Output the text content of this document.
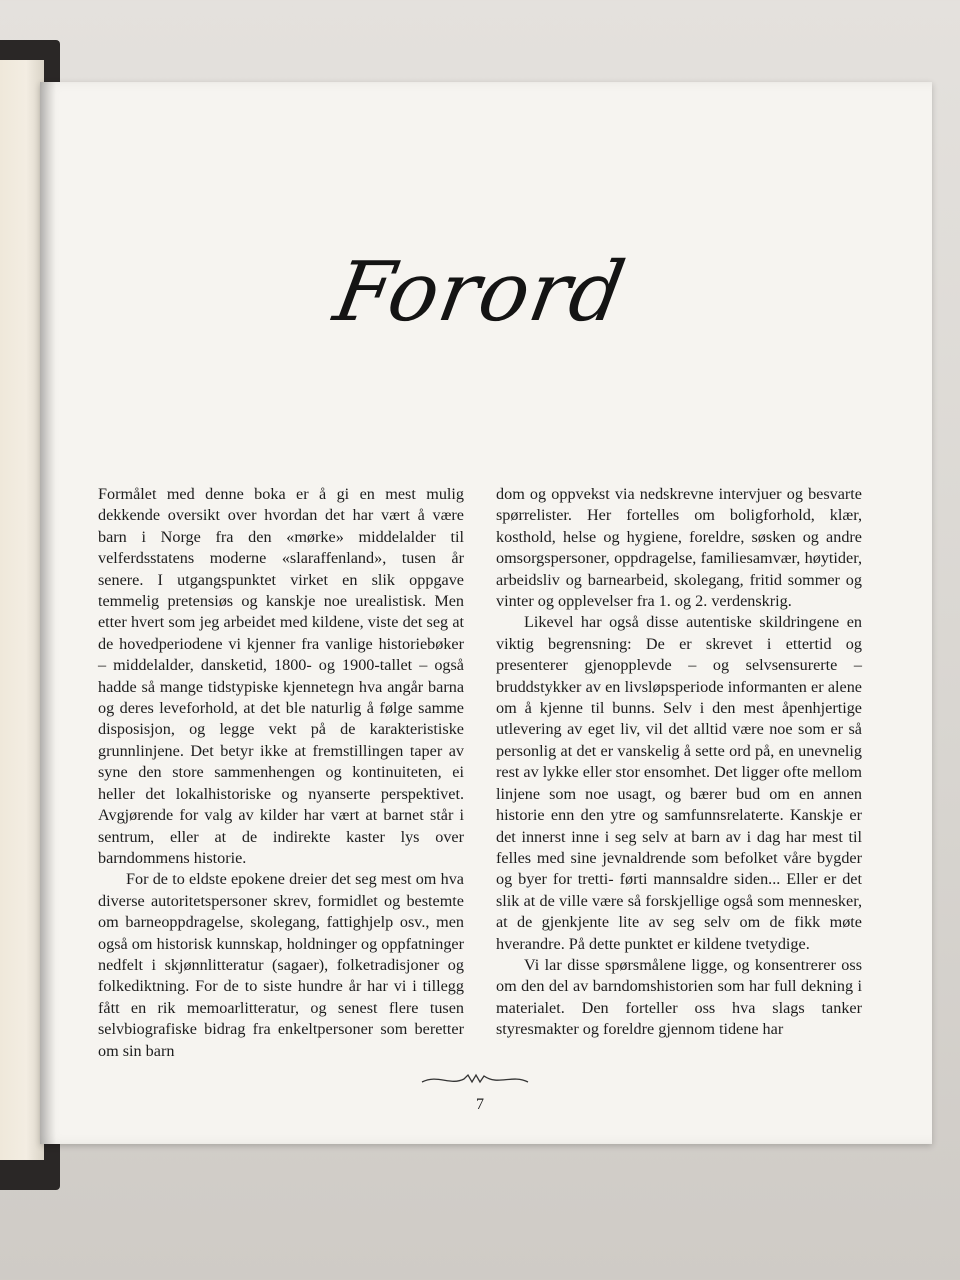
Forord

Formålet med denne boka er å gi en mest mulig dekkende oversikt over hvordan det har vært å være barn i Norge fra den «mørke» middelalder til velferdsstatens moderne «slaraffenland», tusen år senere. I utgangspunktet virket en slik oppgave temmelig pretensiøs og kanskje noe urealistisk. Men etter hvert som jeg arbeidet med kildene, viste det seg at de hovedperiodene vi kjenner fra vanlige historiebøker – middelalder, dansketid, 1800- og 1900-tallet – også hadde så mange tidstypiske kjennetegn hva angår barna og deres leveforhold, at det ble naturlig å følge samme disposisjon, og legge vekt på de karakteristiske grunnlinjene. Det betyr ikke at fremstillingen taper av syne den store sammenhengen og kontinuiteten, ei heller det lokalhistoriske og nyanserte perspektivet. Avgjørende for valg av kilder har vært at barnet står i sentrum, eller at de indirekte kaster lys over barndommens historie.

For de to eldste epokene dreier det seg mest om hva diverse autoritetspersoner skrev, formidlet og bestemte om barneoppdragelse, skolegang, fattighjelp osv., men også om historisk kunnskap, holdninger og oppfatninger nedfelt i skjønnlitteratur (sagaer), folketradisjoner og folkediktning. For de to siste hundre år har vi i tillegg fått en rik memoarlitteratur, og senest flere tusen selvbiografiske bidrag fra enkeltpersoner som beretter om sin barn

dom og oppvekst via nedskrevne intervjuer og besvarte spørrelister. Her fortelles om boligforhold, klær, kosthold, helse og hygiene, foreldre, søsken og andre omsorgspersoner, oppdragelse, familiesamvær, høytider, arbeidsliv og barnearbeid, skolegang, fritid sommer og vinter og opplevelser fra 1. og 2. verdenskrig.

Likevel har også disse autentiske skildringene en viktig begrensning: De er skrevet i ettertid og presenterer gjenopplevde – og selvsensurerte – bruddstykker av en livsløpsperiode informanten er alene om å kjenne til bunns. Selv i den mest åpenhjertige utlevering av eget liv, vil det alltid være noe som er så personlig at det er vanskelig å sette ord på, en unevnelig rest av lykke eller stor ensomhet. Det ligger ofte mellom linjene som noe usagt, og bærer bud om en annen historie enn den ytre og samfunnsrelaterte. Kanskje er det innerst inne i seg selv at barn av i dag har mest til felles med sine jevnaldrende som befolket våre bygder og byer for tretti- førti mannsaldre siden... Eller er det slik at de ville være så forskjellige også som mennesker, at de gjenkjente lite av seg selv om de fikk møte hverandre. På dette punktet er kildene tvetydige.

Vi lar disse spørsmålene ligge, og konsentrerer oss om den del av barndomshistorien som har full dekning i materialet. Den forteller oss hva slags tanker styresmakter og foreldre gjennom tidene har

7
